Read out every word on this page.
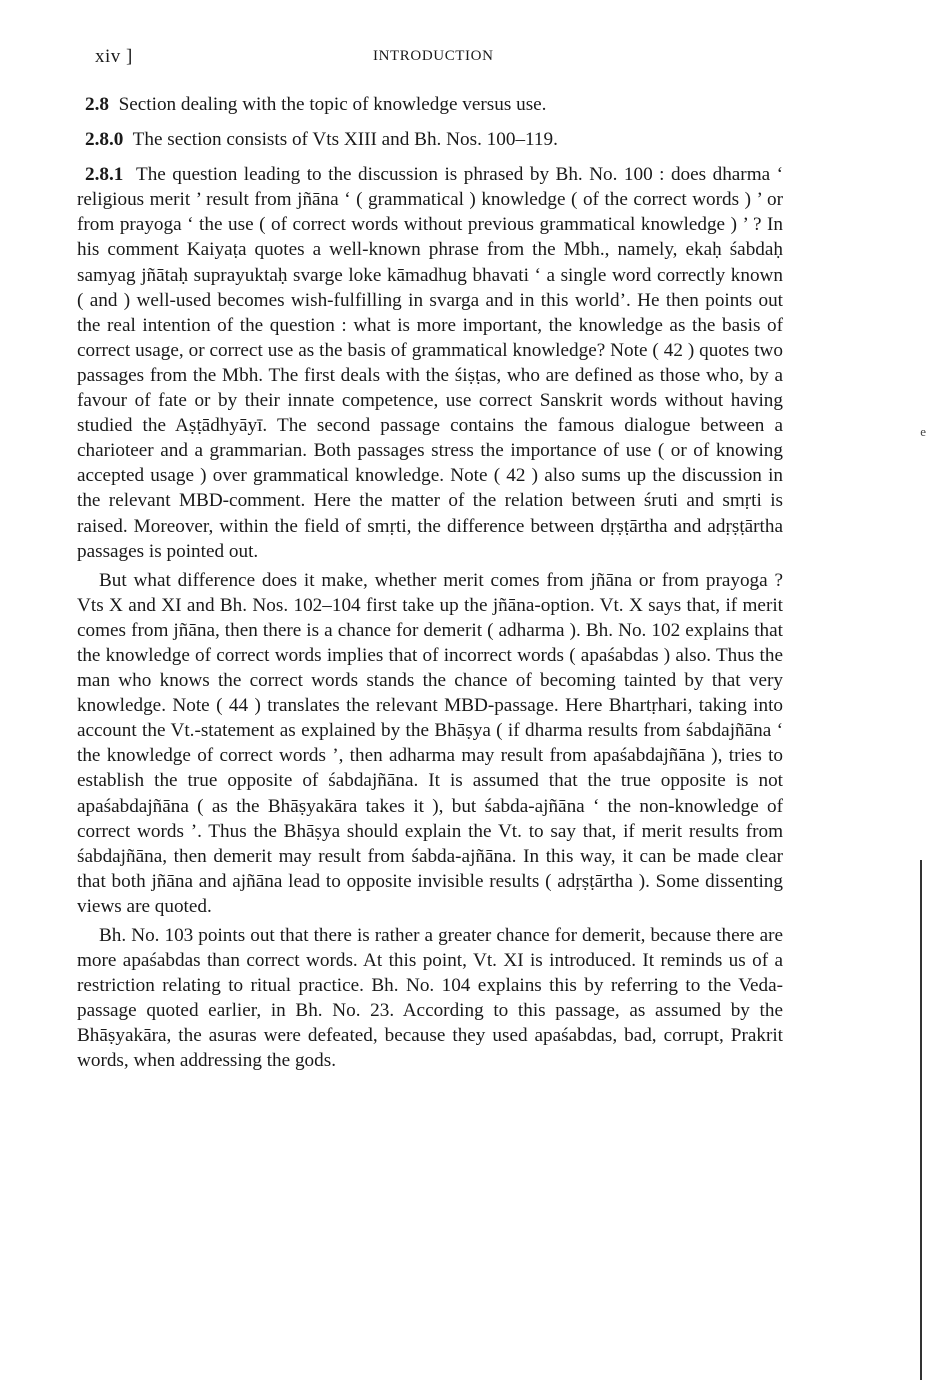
xiv ]	INTRODUCTION

2.8 Section dealing with the topic of knowledge versus use.

2.8.0 The section consists of Vts XIII and Bh. Nos. 100–119.

2.8.1 The question leading to the discussion is phrased by Bh. No. 100 : does dharma ‘ religious merit ’ result from jñāna ‘ ( grammatical ) knowledge ( of the correct words ) ’ or from prayoga ‘ the use ( of correct words without previous grammatical knowledge ) ’ ? In his comment Kaiyaṭa quotes a well-known phrase from the Mbh., namely, ekaḥ śabdaḥ samyag jñātaḥ suprayuktaḥ svarge loke kāmadhug bhavati ‘ a single word correctly known ( and ) well-used becomes wish-fulfilling in svarga and in this world’. He then points out the real intention of the question : what is more important, the knowledge as the basis of correct usage, or correct use as the basis of grammatical knowledge? Note ( 42 ) quotes two passages from the Mbh. The first deals with the śiṣṭas, who are defined as those who, by a favour of fate or by their innate competence, use correct Sanskrit words without having studied the Aṣṭādhyāyī. The second passage contains the famous dialogue between a charioteer and a grammarian. Both passages stress the importance of use ( or of knowing accepted usage ) over grammatical knowledge. Note ( 42 ) also sums up the discussion in the relevant MBD-comment. Here the matter of the relation between śruti and smṛti is raised. Moreover, within the field of smṛti, the difference between dṛṣṭārtha and adṛṣṭārtha passages is pointed out.

But what difference does it make, whether merit comes from jñāna or from prayoga ? Vts X and XI and Bh. Nos. 102–104 first take up the jñāna-option. Vt. X says that, if merit comes from jñāna, then there is a chance for demerit ( adharma ). Bh. No. 102 explains that the knowledge of correct words implies that of incorrect words ( apaśabdas ) also. Thus the man who knows the correct words stands the chance of becoming tainted by that very knowledge. Note ( 44 ) translates the relevant MBD-passage. Here Bhartṛhari, taking into account the Vt.-statement as explained by the Bhāṣya ( if dharma results from śabdajñāna ‘ the knowledge of correct words ’, then adharma may result from apaśabdajñāna ), tries to establish the true opposite of śabdajñāna. It is assumed that the true opposite is not apaśabdajñāna ( as the Bhāṣyakāra takes it ), but śabda-ajñāna ‘ the non-knowledge of correct words ’. Thus the Bhāṣya should explain the Vt. to say that, if merit results from śabdajñāna, then demerit may result from śabda-ajñāna. In this way, it can be made clear that both jñāna and ajñāna lead to opposite invisible results ( adṛṣṭārtha ). Some dissenting views are quoted.

Bh. No. 103 points out that there is rather a greater chance for demerit, because there are more apaśabdas than correct words. At this point, Vt. XI is introduced. It reminds us of a restriction relating to ritual practice. Bh. No. 104 explains this by referring to the Veda-passage quoted earlier, in Bh. No. 23. According to this passage, as assumed by the Bhāṣyakāra, the asuras were defeated, because they used apaśabdas, bad, corrupt, Prakrit words, when addressing the gods.

e
